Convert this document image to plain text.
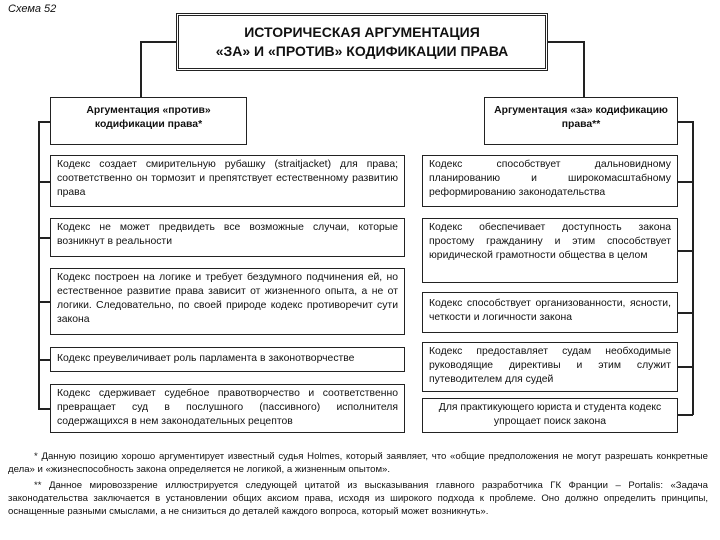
Схема 52
ИСТОРИЧЕСКАЯ АРГУМЕНТАЦИЯ
«ЗА» И «ПРОТИВ» КОДИФИКАЦИИ ПРАВА
Аргументация «против» кодификации права*
Аргументация «за» кодификацию права**
Кодекс создает смирительную рубашку (straitjacket) для права; соответственно он тормозит и препятствует естественному развитию права
Кодекс не может предвидеть все возможные случаи, которые возникнут в реальности
Кодекс построен на логике и требует бездумного подчинения ей, но естественное развитие права зависит от жизненного опыта, а не от логики. Следовательно, по своей природе кодекс противоречит сути закона
Кодекс преувеличивает роль парламента в законотворчестве
Кодекс сдерживает судебное правотворчество и соответственно превращает суд в послушного (пассивного) исполнителя содержащихся в нем законодательных рецептов
Кодекс способствует дальновидному планированию и широкомасштабному реформированию законодательства
Кодекс обеспечивает доступность закона простому гражданину и этим способствует юридической грамотности общества в целом
Кодекс способствует организованности, ясности, четкости и логичности закона
Кодекс предоставляет судам необходимые руководящие директивы и этим служит путеводителем для судей
Для практикующего юриста и студента кодекс упрощает поиск закона
* Данную позицию хорошо аргументирует известный судья Holmes, который заявляет, что «общие предположения не могут разрешать конкретные дела» и «жизнеспособность закона определяется не логикой, а жизненным опытом».
** Данное мировоззрение иллюстрируется следующей цитатой из высказывания главного разработчика ГК Франции – Portalis: «Задача законодательства заключается в установлении общих аксиом права, исходя из широкого подхода к проблеме. Оно должно определить принципы, оснащенные разными смыслами, а не снизиться до деталей каждого вопроса, который может возникнуть».
